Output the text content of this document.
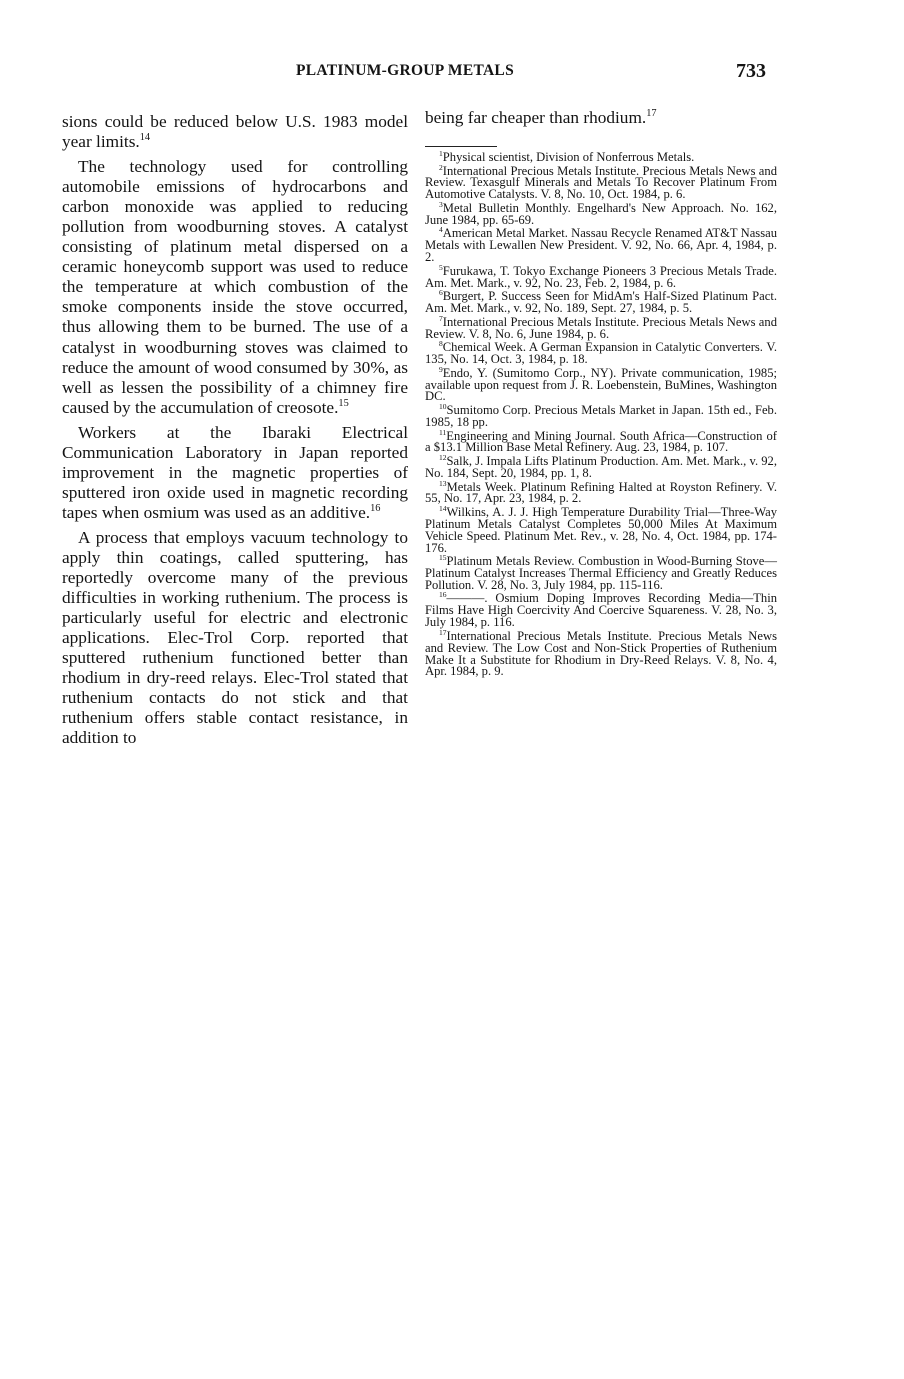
PLATINUM-GROUP METALS	733

sions could be reduced below U.S. 1983 model year limits.$^{14}$

The technology used for controlling automobile emissions of hydrocarbons and carbon monoxide was applied to reducing pollution from woodburning stoves. A catalyst consisting of platinum metal dispersed on a ceramic honeycomb support was used to reduce the temperature at which combustion of the smoke components inside the stove occurred, thus allowing them to be burned. The use of a catalyst in woodburning stoves was claimed to reduce the amount of wood consumed by 30%, as well as lessen the possibility of a chimney fire caused by the accumulation of creosote.$^{15}$

Workers at the Ibaraki Electrical Communication Laboratory in Japan reported improvement in the magnetic properties of sputtered iron oxide used in magnetic recording tapes when osmium was used as an additive.$^{16}$

A process that employs vacuum technology to apply thin coatings, called sputtering, has reportedly overcome many of the previous difficulties in working ruthenium. The process is particularly useful for electric and electronic applications. Elec-Trol Corp. reported that sputtered ruthenium functioned better than rhodium in dry-reed relays. Elec-Trol stated that ruthenium contacts do not stick and that ruthenium offers stable contact resistance, in addition to

being far cheaper than rhodium.$^{17}$

$^1$Physical scientist, Division of Nonferrous Metals.

$^2$International Precious Metals Institute. Precious Metals News and Review. Texasgulf Minerals and Metals To Recover Platinum From Automotive Catalysts. V. 8, No. 10, Oct. 1984, p. 6.

$^3$Metal Bulletin Monthly. Engelhard's New Approach. No. 162, June 1984, pp. 65-69.

$^4$American Metal Market. Nassau Recycle Renamed AT&T Nassau Metals with Lewallen New President. V. 92, No. 66, Apr. 4, 1984, p. 2.

$^5$Furukawa, T. Tokyo Exchange Pioneers 3 Precious Metals Trade. Am. Met. Mark., v. 92, No. 23, Feb. 2, 1984, p. 6.

$^6$Burgert, P. Success Seen for MidAm's Half-Sized Platinum Pact. Am. Met. Mark., v. 92, No. 189, Sept. 27, 1984, p. 5.

$^7$International Precious Metals Institute. Precious Metals News and Review. V. 8, No. 6, June 1984, p. 6.

$^8$Chemical Week. A German Expansion in Catalytic Converters. V. 135, No. 14, Oct. 3, 1984, p. 18.

$^9$Endo, Y. (Sumitomo Corp., NY). Private communication, 1985; available upon request from J. R. Loebenstein, BuMines, Washington DC.

$^{10}$Sumitomo Corp. Precious Metals Market in Japan. 15th ed., Feb. 1985, 18 pp.

$^{11}$Engineering and Mining Journal. South Africa—Construction of a $13.1 Million Base Metal Refinery. Aug. 23, 1984, p. 107.

$^{12}$Salk, J. Impala Lifts Platinum Production. Am. Met. Mark., v. 92, No. 184, Sept. 20, 1984, pp. 1, 8.

$^{13}$Metals Week. Platinum Refining Halted at Royston Refinery. V. 55, No. 17, Apr. 23, 1984, p. 2.

$^{14}$Wilkins, A. J. J. High Temperature Durability Trial—Three-Way Platinum Metals Catalyst Completes 50,000 Miles At Maximum Vehicle Speed. Platinum Met. Rev., v. 28, No. 4, Oct. 1984, pp. 174-176.

$^{15}$Platinum Metals Review. Combustion in Wood-Burning Stove—Platinum Catalyst Increases Thermal Efficiency and Greatly Reduces Pollution. V. 28, No. 3, July 1984, pp. 115-116.

$^{16}$———. Osmium Doping Improves Recording Media—Thin Films Have High Coercivity And Coercive Squareness. V. 28, No. 3, July 1984, p. 116.

$^{17}$International Precious Metals Institute. Precious Metals News and Review. The Low Cost and Non-Stick Properties of Ruthenium Make It a Substitute for Rhodium in Dry-Reed Relays. V. 8, No. 4, Apr. 1984, p. 9.
